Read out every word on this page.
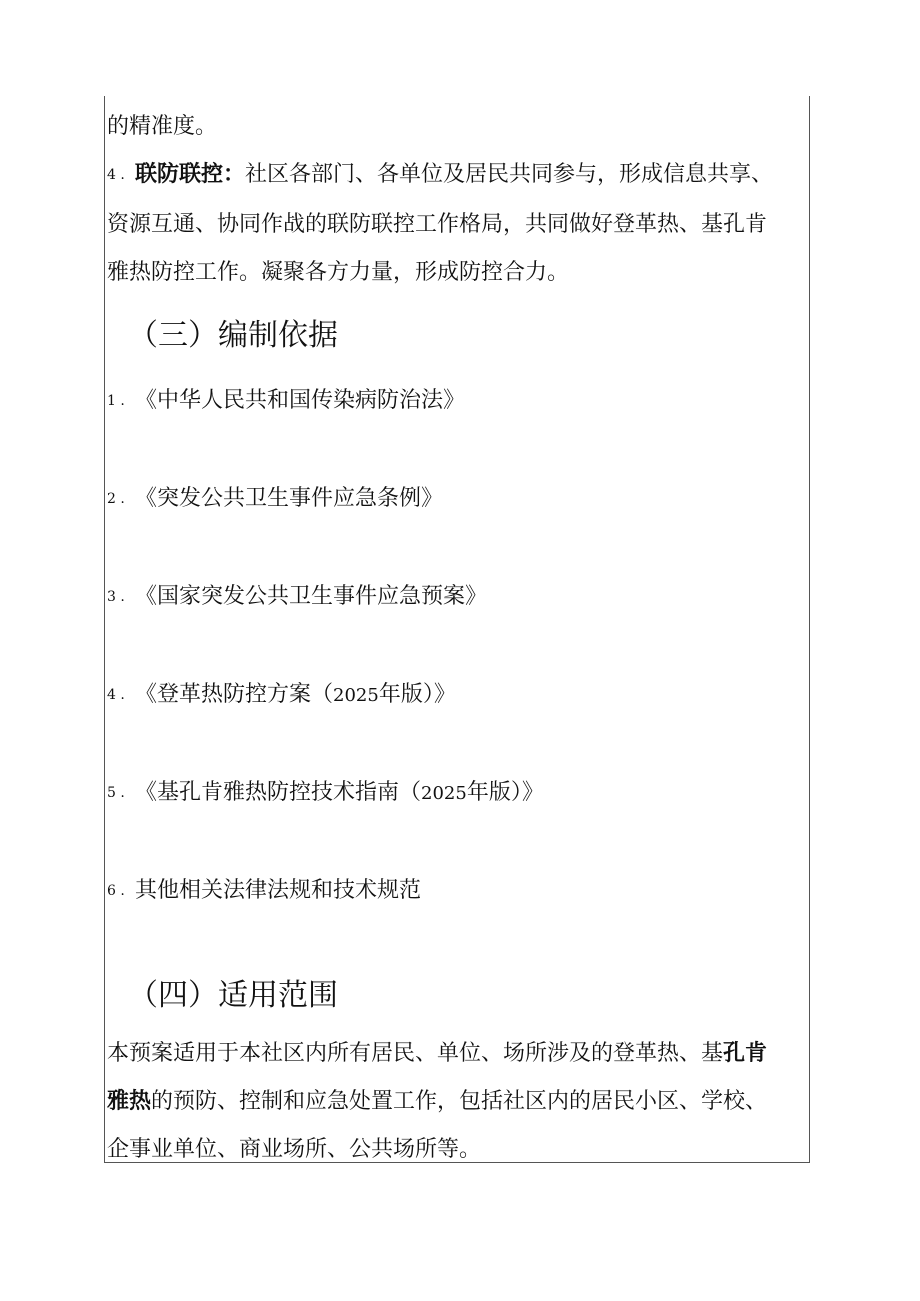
的精准度。
4 . 联防联控：社区各部门、各单位及居民共同参与，形成信息共享、
资源互通、协同作战的联防联控工作格局，共同做好登革热、基孔肯
雅热防控工作。凝聚各方力量，形成防控合力。
（三）编制依据
1 . 《中华人民共和国传染病防治法》
2 . 《突发公共卫生事件应急条例》
3 . 《国家突发公共卫生事件应急预案》
4 . 《登革热防控方案（2025年版）》
5 . 《基孔肯雅热防控技术指南（2025年版）》
6 . 其他相关法律法规和技术规范
（四）适用范围
本预案适用于本社区内所有居民、单位、场所涉及的登革热、基孔肯
雅热的预防、控制和应急处置工作，包括社区内的居民小区、学校、
企事业单位、商业场所、公共场所等。
